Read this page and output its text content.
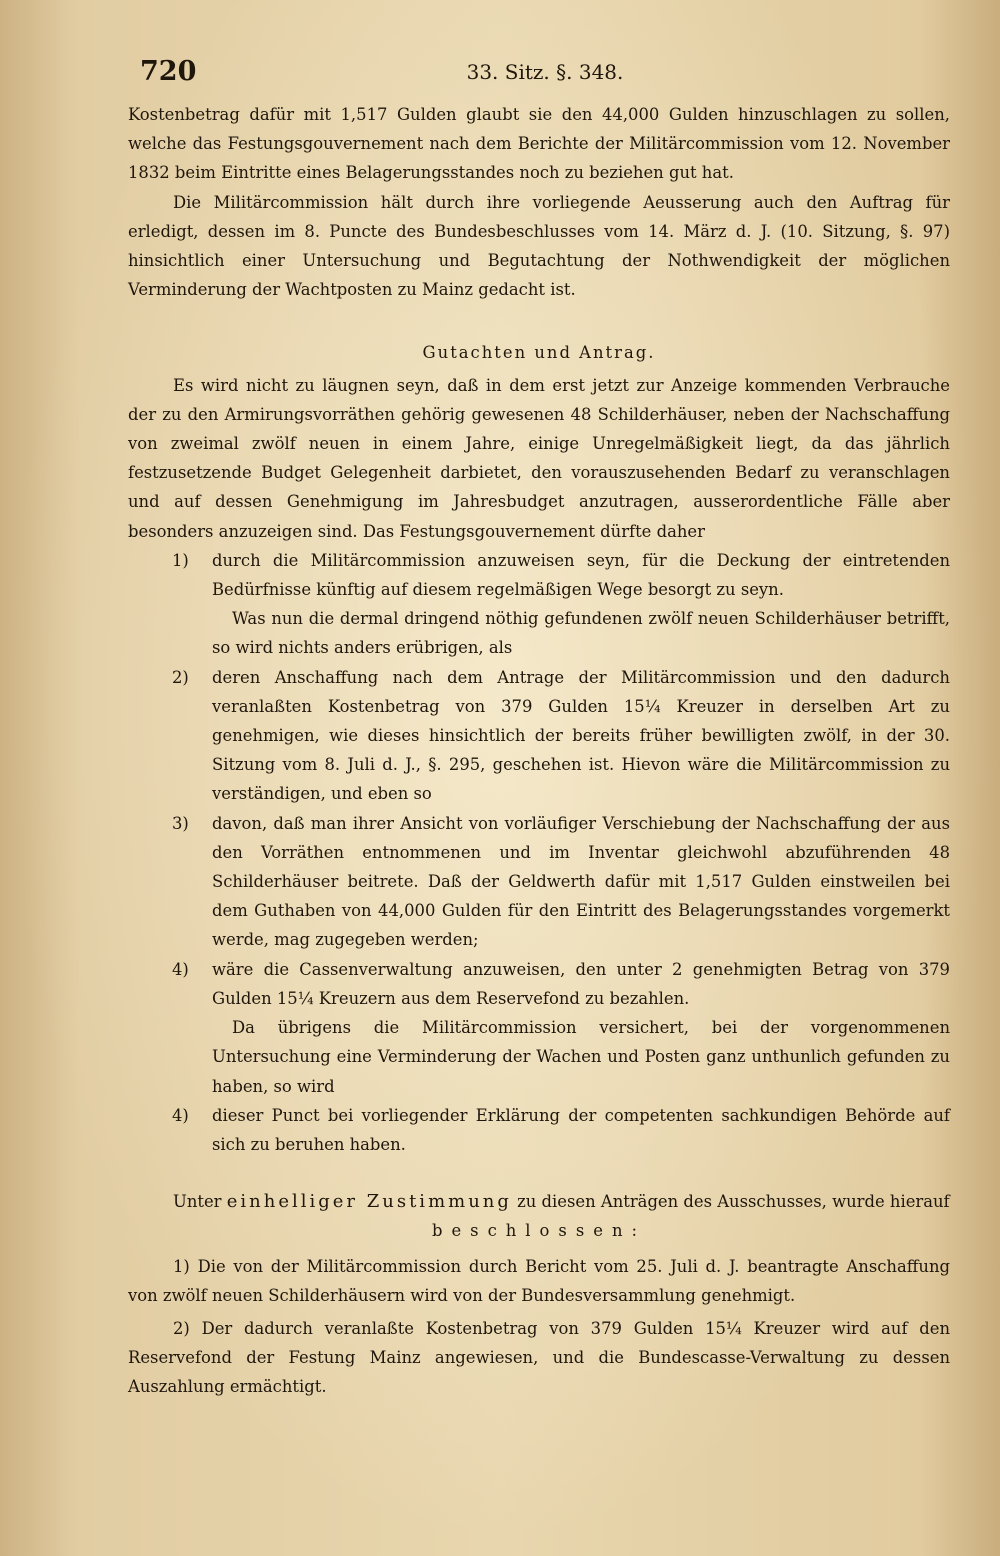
720	33. Sitz. §. 348.

Kostenbetrag dafür mit 1,517 Gulden glaubt sie den 44,000 Gulden hinzuschlagen zu sollen, welche das Festungsgouvernement nach dem Berichte der Militärcommission vom 12. November 1832 beim Eintritte eines Belagerungsstandes noch zu beziehen gut hat.

Die Militärcommission hält durch ihre vorliegende Aeusserung auch den Auftrag für erledigt, dessen im 8. Puncte des Bundesbeschlusses vom 14. März d. J. (10. Sitzung, §. 97) hinsichtlich einer Untersuchung und Begutachtung der Nothwendigkeit der möglichen Verminderung der Wachtposten zu Mainz gedacht ist.

Gutachten und Antrag.

Es wird nicht zu läugnen seyn, daß in dem erst jetzt zur Anzeige kommenden Verbrauche der zu den Armirungsvorräthen gehörig gewesenen 48 Schilderhäuser, neben der Nachschaffung von zweimal zwölf neuen in einem Jahre, einige Unregelmäßigkeit liegt, da das jährlich festzusetzende Budget Gelegenheit darbietet, den vorauszusehenden Bedarf zu veranschlagen und auf dessen Genehmigung im Jahresbudget anzutragen, ausserordentliche Fälle aber besonders anzuzeigen sind. Das Festungsgouvernement dürfte daher

1)	durch die Militärcommission anzuweisen seyn, für die Deckung der eintretenden Bedürfnisse künftig auf diesem regelmäßigen Wege besorgt zu seyn.

Was nun die dermal dringend nöthig gefundenen zwölf neuen Schilderhäuser betrifft, so wird nichts anders erübrigen, als

2)	deren Anschaffung nach dem Antrage der Militärcommission und den dadurch veranlaßten Kostenbetrag von 379 Gulden 15¼ Kreuzer in derselben Art zu genehmigen, wie dieses hinsichtlich der bereits früher bewilligten zwölf, in der 30. Sitzung vom 8. Juli d. J., §. 295, geschehen ist. Hievon wäre die Militärcommission zu verständigen, und eben so
3)	davon, daß man ihrer Ansicht von vorläufiger Verschiebung der Nachschaffung der aus den Vorräthen entnommenen und im Inventar gleichwohl abzuführenden 48 Schilderhäuser beitrete. Daß der Geldwerth dafür mit 1,517 Gulden einstweilen bei dem Guthaben von 44,000 Gulden für den Eintritt des Belagerungsstandes vorgemerkt werde, mag zugegeben werden;
4)	wäre die Cassenverwaltung anzuweisen, den unter 2 genehmigten Betrag von 379 Gulden 15¼ Kreuzern aus dem Reservefond zu bezahlen.

Da übrigens die Militärcommission versichert, bei der vorgenommenen Untersuchung eine Verminderung der Wachen und Posten ganz unthunlich gefunden zu haben, so wird

4)	dieser Punct bei vorliegender Erklärung der competenten sachkundigen Behörde auf sich zu beruhen haben.

Unter einhelliger Zustimmung zu diesen Anträgen des Ausschusses, wurde hierauf

beschlossen:

1) Die von der Militärcommission durch Bericht vom 25. Juli d. J. beantragte Anschaffung von zwölf neuen Schilderhäusern wird von der Bundesversammlung genehmigt.

2) Der dadurch veranlaßte Kostenbetrag von 379 Gulden 15¼ Kreuzer wird auf den Reservefond der Festung Mainz angewiesen, und die Bundescasse-Verwaltung zu dessen Auszahlung ermächtigt.
